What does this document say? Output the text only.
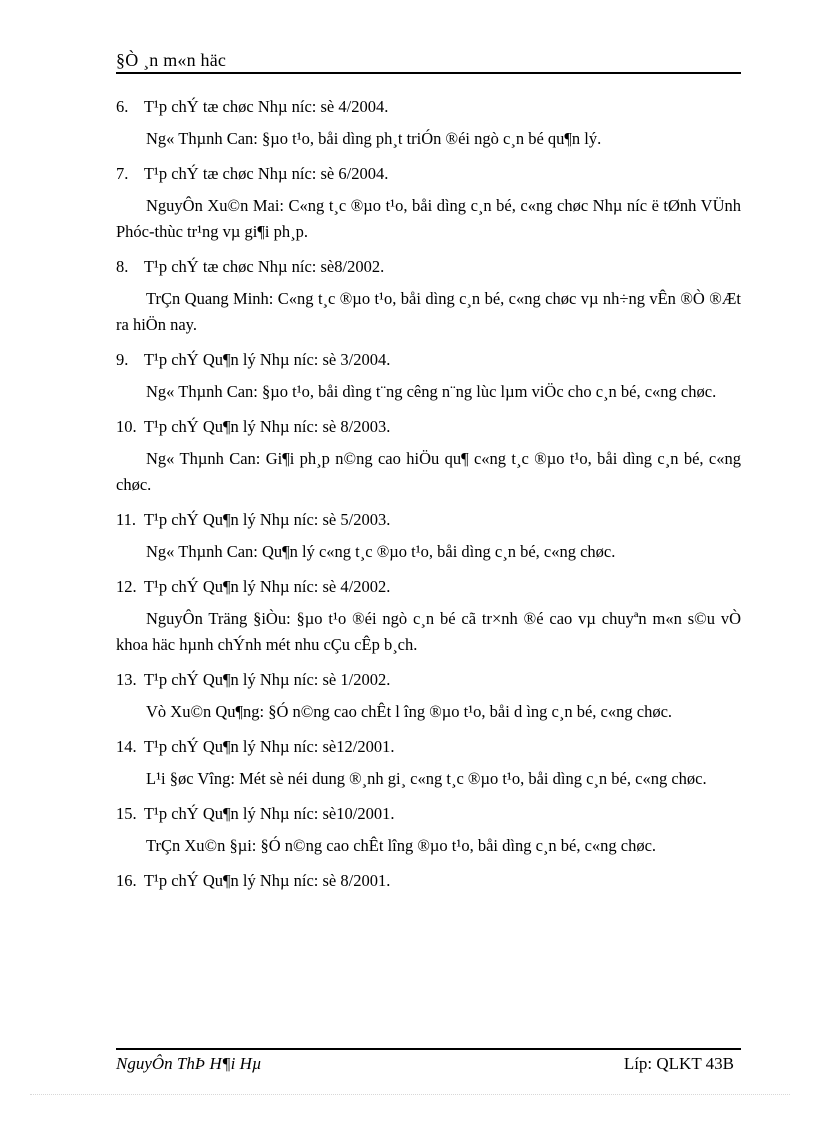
§Ò ¸n m«n häc

6. T¹p chÝ tæ chøc Nhµ níc: sè 4/2004.

Ng« Thµnh Can: §µo t¹o, båi dìng ph¸t triÓn ®éi ngò c¸n bé qu¶n lý.

7. T¹p chÝ tæ chøc Nhµ níc: sè 6/2004.

NguyÔn Xu©n Mai: C«ng t¸c ®µo t¹o, båi dìng c¸n bé, c«ng chøc Nhµ níc ë tØnh VÜnh Phóc-thùc tr¹ng vµ gi¶i ph¸p.

8. T¹p chÝ tæ chøc Nhµ níc: sè8/2002.

TrÇn Quang Minh: C«ng t¸c ®µo t¹o, båi dìng c¸n bé, c«ng chøc vµ nh÷ng vÊn ®Ò ®Æt ra hiÖn nay.

9. T¹p chÝ Qu¶n lý Nhµ níc: sè 3/2004.

Ng« Thµnh Can: §µo t¹o, båi dìng t¨ng cêng n¨ng lùc lµm viÖc cho c¸n bé, c«ng chøc.

10. T¹p chÝ Qu¶n lý Nhµ níc: sè 8/2003.

Ng« Thµnh Can: Gi¶i ph¸p n©ng cao hiÖu qu¶ c«ng t¸c ®µo t¹o, båi dìng c¸n bé, c«ng chøc.

11. T¹p chÝ Qu¶n lý Nhµ níc: sè 5/2003.

Ng« Thµnh Can: Qu¶n lý c«ng t¸c ®µo t¹o, båi dìng c¸n bé, c«ng chøc.

12. T¹p chÝ Qu¶n lý Nhµ níc: sè 4/2002.

NguyÔn Träng §iÒu: §µo t¹o ®éi ngò c¸n bé cã tr×nh ®é cao vµ chuyªn m«n s©u vÒ khoa häc hµnh chÝnh mét nhu cÇu cÊp b¸ch.

13. T¹p chÝ Qu¶n lý Nhµ níc: sè 1/2002.

Vò Xu©n Qu¶ng: §Ó n©ng cao chÊt l îng ®µo t¹o, båi d ìng c¸n bé, c«ng chøc.

14. T¹p chÝ Qu¶n lý Nhµ níc: sè12/2001.

L¹i §øc Vîng: Mét sè néi dung ®¸nh gi¸ c«ng t¸c ®µo t¹o, båi dìng c¸n bé, c«ng chøc.

15. T¹p chÝ Qu¶n lý Nhµ níc: sè10/2001.

TrÇn Xu©n §µi: §Ó n©ng cao chÊt lîng ®µo t¹o, båi dìng c¸n bé, c«ng chøc.

16. T¹p chÝ Qu¶n lý Nhµ níc: sè 8/2001.

NguyÔn ThÞ H¶i Hµ	Líp: QLKT 43B
